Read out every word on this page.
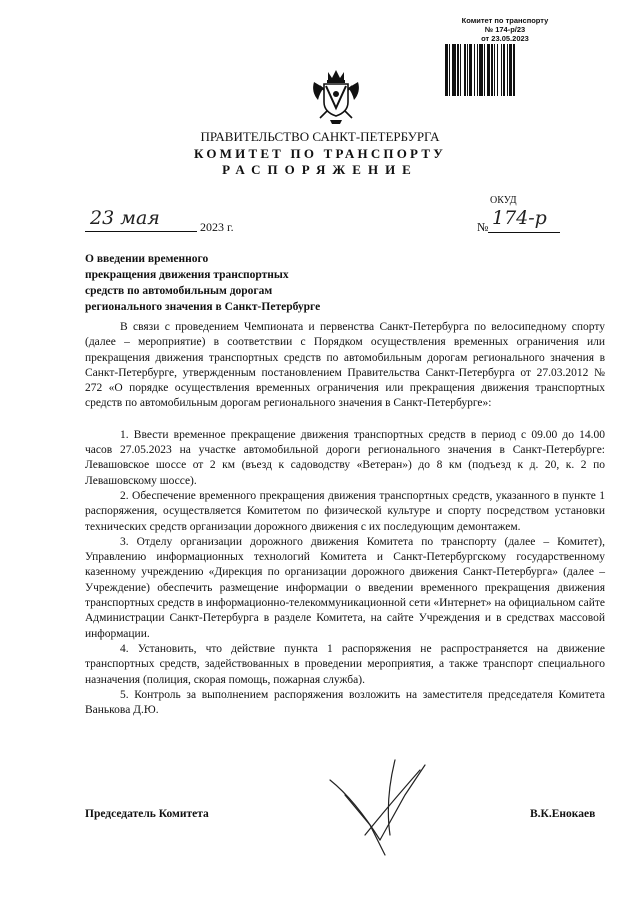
Комитет по транспорту
№ 174-р/23
от 23.05.2023
ПРАВИТЕЛЬСТВО САНКТ-ПЕТЕРБУРГА
КОМИТЕТ ПО ТРАНСПОРТУ
РАСПОРЯЖЕНИЕ
ОКУД
23 мая	2023 г.	№ 174-р
О введении временного
прекращения движения транспортных
средств по автомобильным дорогам
регионального значения в Санкт-Петербурге

В связи с проведением Чемпионата и первенства Санкт-Петербурга по велосипедному спорту (далее – мероприятие) в соответствии с Порядком осуществления временных ограничения или прекращения движения транспортных средств по автомобильным дорогам регионального значения в Санкт-Петербурге, утвержденным постановлением Правительства Санкт-Петербурга от 27.03.2012 № 272 «О порядке осуществления временных ограничения или прекращения движения транспортных средств по автомобильным дорогам регионального значения в Санкт-Петербурге»:

1. Ввести временное прекращение движения транспортных средств в период с 09.00 до 14.00 часов 27.05.2023 на участке автомобильной дороги регионального значения в Санкт-Петербурге: Левашовское шоссе от 2 км (въезд к садоводству «Ветеран») до 8 км (подъезд к д. 20, к. 2 по Левашовскому шоссе).

2. Обеспечение временного прекращения движения транспортных средств, указанного в пункте 1 распоряжения, осуществляется Комитетом по физической культуре и спорту посредством установки технических средств организации дорожного движения с их последующим демонтажем.

3. Отделу организации дорожного движения Комитета по транспорту (далее – Комитет), Управлению информационных технологий Комитета и Санкт-Петербургскому государственному казенному учреждению «Дирекция по организации дорожного движения Санкт-Петербурга» (далее – Учреждение) обеспечить размещение информации о введении временного прекращения движения транспортных средств в информационно-телекоммуникационной сети «Интернет» на официальном сайте Администрации Санкт-Петербурга в разделе Комитета, на сайте Учреждения и в средствах массовой информации.

4. Установить, что действие пункта 1 распоряжения не распространяется на движение транспортных средств, задействованных в проведении мероприятия, а также транспорт специального назначения (полиция, скорая помощь, пожарная служба).

5. Контроль за выполнением распоряжения возложить на заместителя председателя Комитета Ванькова Д.Ю.

Председатель Комитета	В.К.Енокаев
